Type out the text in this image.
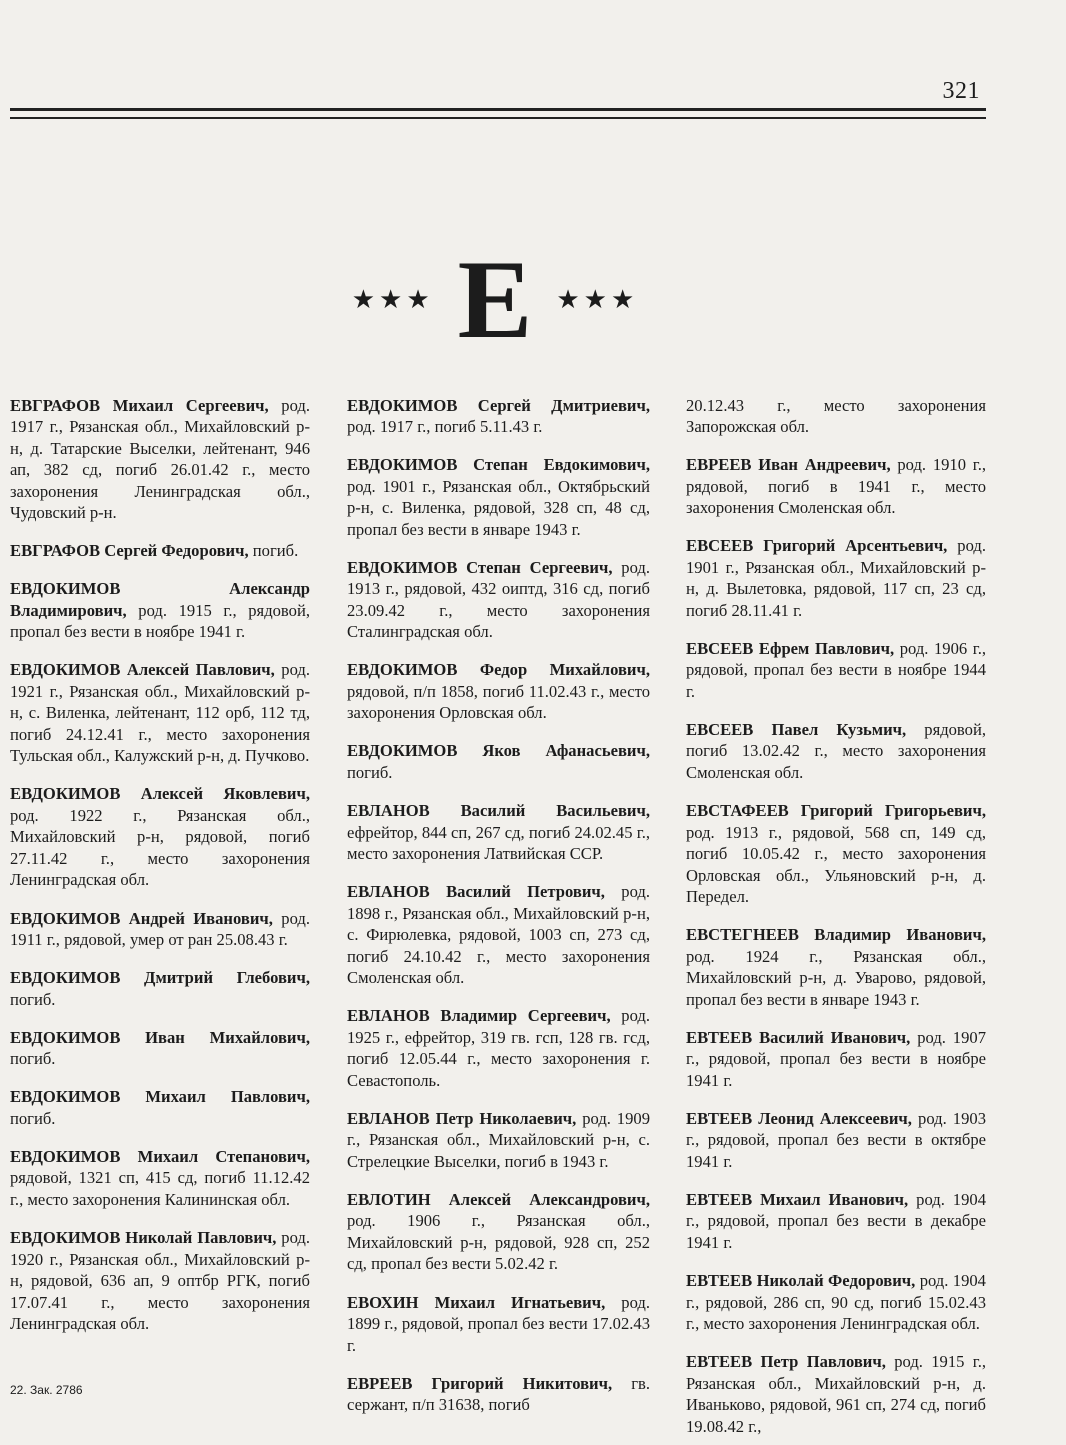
321
★★★ Е ★★★

ЕВГРАФОВ Михаил Сергеевич, род. 1917 г., Рязанская обл., Михайловский р-н, д. Татарские Выселки, лейтенант, 946 ап, 382 сд, погиб 26.01.42 г., место захоронения Ленинградская обл., Чудовский р-н.

ЕВГРАФОВ Сергей Федорович, погиб.

ЕВДОКИМОВ Александр Владимирович, род. 1915 г., рядовой, пропал без вести в ноябре 1941 г.

ЕВДОКИМОВ Алексей Павлович, род. 1921 г., Рязанская обл., Михайловский р-н, с. Виленка, лейтенант, 112 орб, 112 тд, погиб 24.12.41 г., место захоронения Тульская обл., Калужский р-н, д. Пучково.

ЕВДОКИМОВ Алексей Яковлевич, род. 1922 г., Рязанская обл., Михайловский р-н, рядовой, погиб 27.11.42 г., место захоронения Ленинградская обл.

ЕВДОКИМОВ Андрей Иванович, род. 1911 г., рядовой, умер от ран 25.08.43 г.

ЕВДОКИМОВ Дмитрий Глебович, погиб.

ЕВДОКИМОВ Иван Михайлович, погиб.

ЕВДОКИМОВ Михаил Павлович, погиб.

ЕВДОКИМОВ Михаил Степанович, рядовой, 1321 сп, 415 сд, погиб 11.12.42 г., место захоронения Калининская обл.

ЕВДОКИМОВ Николай Павлович, род. 1920 г., Рязанская обл., Михайловский р-н, рядовой, 636 ап, 9 оптбр РГК, погиб 17.07.41 г., место захоронения Ленинградская обл.

ЕВДОКИМОВ Сергей Дмитриевич, род. 1917 г., погиб 5.11.43 г.

ЕВДОКИМОВ Степан Евдокимович, род. 1901 г., Рязанская обл., Октябрьский р-н, с. Виленка, рядовой, 328 сп, 48 сд, пропал без вести в январе 1943 г.

ЕВДОКИМОВ Степан Сергеевич, род. 1913 г., рядовой, 432 оиптд, 316 сд, погиб 23.09.42 г., место захоронения Сталинградская обл.

ЕВДОКИМОВ Федор Михайлович, рядовой, п/п 1858, погиб 11.02.43 г., место захоронения Орловская обл.

ЕВДОКИМОВ Яков Афанасьевич, погиб.

ЕВЛАНОВ Василий Васильевич, ефрейтор, 844 сп, 267 сд, погиб 24.02.45 г., место захоронения Латвийская ССР.

ЕВЛАНОВ Василий Петрович, род. 1898 г., Рязанская обл., Михайловский р-н, с. Фирюлевка, рядовой, 1003 сп, 273 сд, погиб 24.10.42 г., место захоронения Смоленская обл.

ЕВЛАНОВ Владимир Сергеевич, род. 1925 г., ефрейтор, 319 гв. гсп, 128 гв. гсд, погиб 12.05.44 г., место захоронения г. Севастополь.

ЕВЛАНОВ Петр Николаевич, род. 1909 г., Рязанская обл., Михайловский р-н, с. Стрелецкие Выселки, погиб в 1943 г.

ЕВЛОТИН Алексей Александрович, род. 1906 г., Рязанская обл., Михайловский р-н, рядовой, 928 сп, 252 сд, пропал без вести 5.02.42 г.

ЕВОХИН Михаил Игнатьевич, род. 1899 г., рядовой, пропал без вести 17.02.43 г.

ЕВРЕЕВ Григорий Никитович, гв. сержант, п/п 31638, погиб

20.12.43 г., место захоронения Запорожская обл.

ЕВРЕЕВ Иван Андреевич, род. 1910 г., рядовой, погиб в 1941 г., место захоронения Смоленская обл.

ЕВСЕЕВ Григорий Арсентьевич, род. 1901 г., Рязанская обл., Михайловский р-н, д. Вылетовка, рядовой, 117 сп, 23 сд, погиб 28.11.41 г.

ЕВСЕЕВ Ефрем Павлович, род. 1906 г., рядовой, пропал без вести в ноябре 1944 г.

ЕВСЕЕВ Павел Кузьмич, рядовой, погиб 13.02.42 г., место захоронения Смоленская обл.

ЕВСТАФЕЕВ Григорий Григорьевич, род. 1913 г., рядовой, 568 сп, 149 сд, погиб 10.05.42 г., место захоронения Орловская обл., Ульяновский р-н, д. Передел.

ЕВСТЕГНЕЕВ Владимир Иванович, род. 1924 г., Рязанская обл., Михайловский р-н, д. Уварово, рядовой, пропал без вести в январе 1943 г.

ЕВТЕЕВ Василий Иванович, род. 1907 г., рядовой, пропал без вести в ноябре 1941 г.

ЕВТЕЕВ Леонид Алексеевич, род. 1903 г., рядовой, пропал без вести в октябре 1941 г.

ЕВТЕЕВ Михаил Иванович, род. 1904 г., рядовой, пропал без вести в декабре 1941 г.

ЕВТЕЕВ Николай Федорович, род. 1904 г., рядовой, 286 сп, 90 сд, погиб 15.02.43 г., место захоронения Ленинградская обл.

ЕВТЕЕВ Петр Павлович, род. 1915 г., Рязанская обл., Михайловский р-н, д. Иваньково, рядовой, 961 сп, 274 сд, погиб 19.08.42 г.,

22. Зак. 2786
